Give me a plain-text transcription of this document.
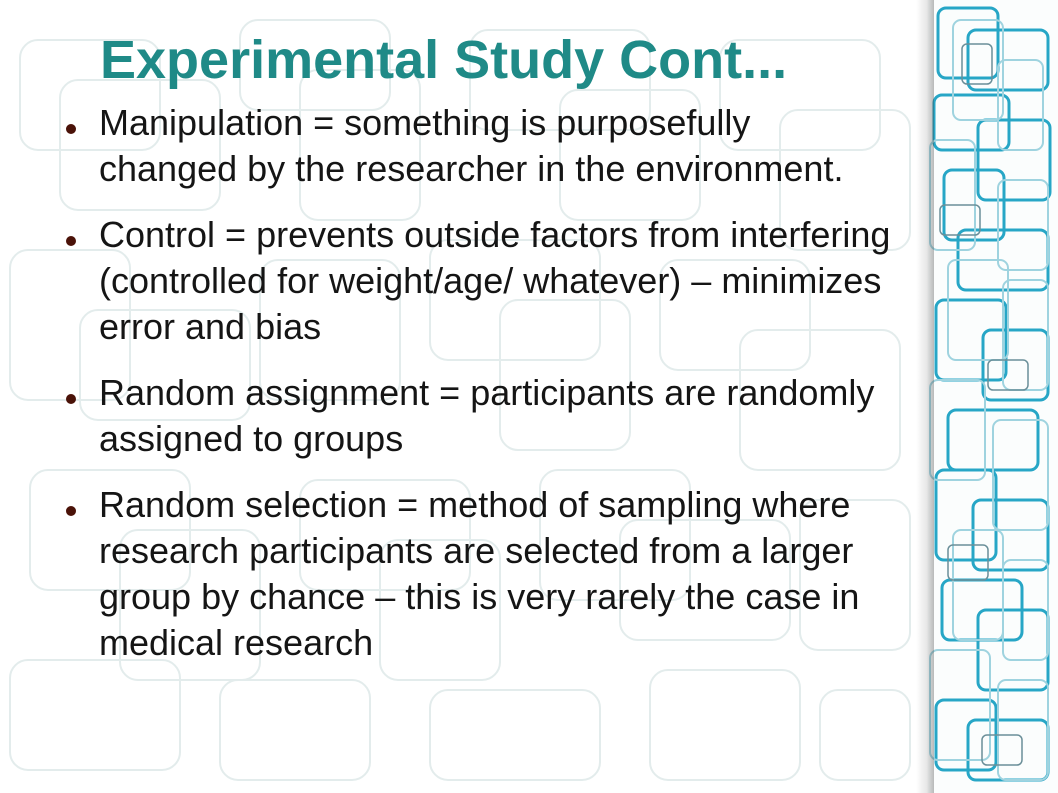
Experimental Study Cont...
Manipulation = something is purposefully changed by the researcher in the environment.
Control = prevents outside factors from interfering (controlled for weight/age/ whatever) – minimizes error and bias
Random assignment = participants are randomly assigned to groups
Random selection = method of sampling where research participants are selected from a larger group by chance – this is very rarely the case in medical research
